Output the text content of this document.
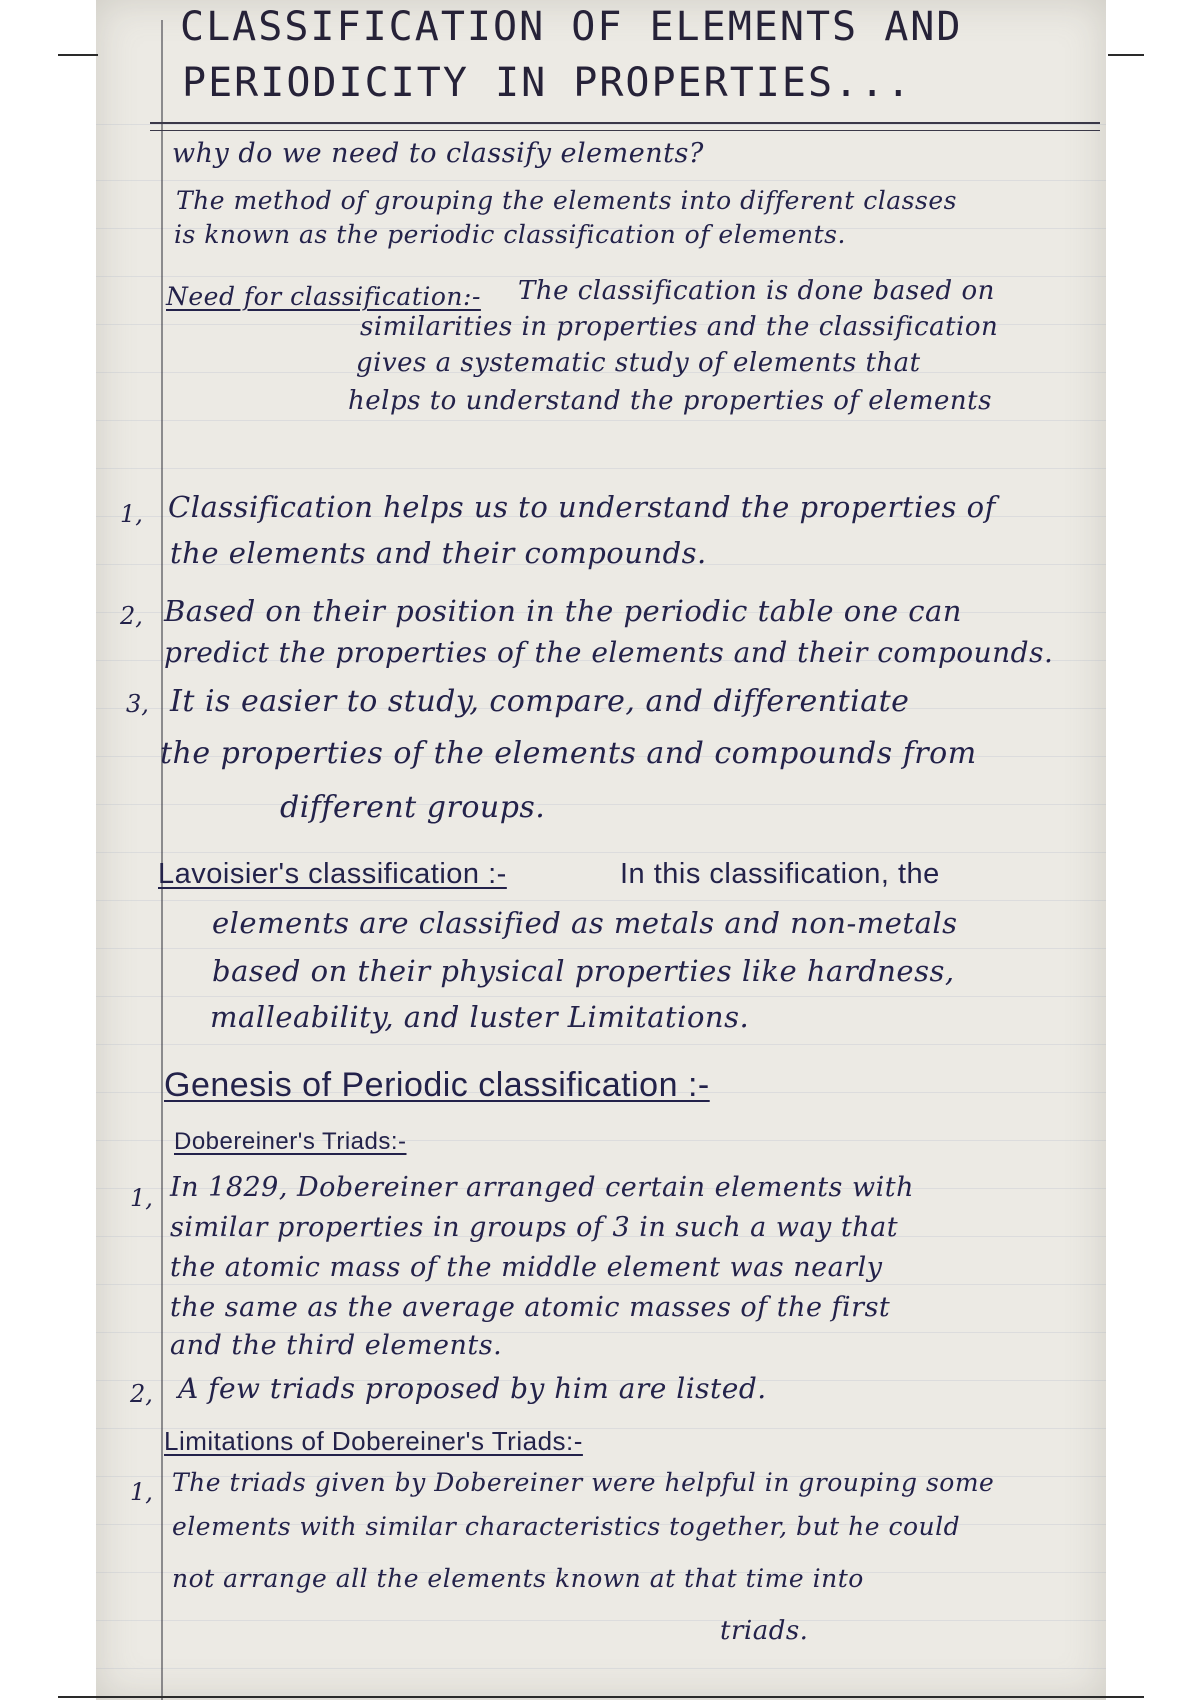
CLASSIFICATION OF ELEMENTS AND
PERIODICITY IN PROPERTIES...
why do we need to classify elements?
The method of grouping the elements into different classes
is known as the periodic classification of elements.
Need for classification:- The classification is done based on
similarities in properties and the classification
gives a systematic study of elements that
helps to understand the properties of elements
1, Classification helps us to understand the properties of
the elements and their compounds.
2, Based on their position in the periodic table one can
predict the properties of the elements and their compounds.
3, It is easier to study, compare, and differentiate
the properties of the elements and compounds from
different groups.
Lavoisier's classification :-	In this classification, the
elements are classified as metals and non-metals
based on their physical properties like hardness,
malleability, and luster Limitations.
Genesis of Periodic classification :-
Dobereiner's Triads:-
1, In 1829, Dobereiner arranged certain elements with
similar properties in groups of 3 in such a way that
the atomic mass of the middle element was nearly
the same as the average atomic masses of the first
and the third elements.
2, A few triads proposed by him are listed.
Limitations of Dobereiner's Triads:-
1, The triads given by Dobereiner were helpful in grouping some
elements with similar characteristics together, but he could
not arrange all the elements known at that time into
triads.
